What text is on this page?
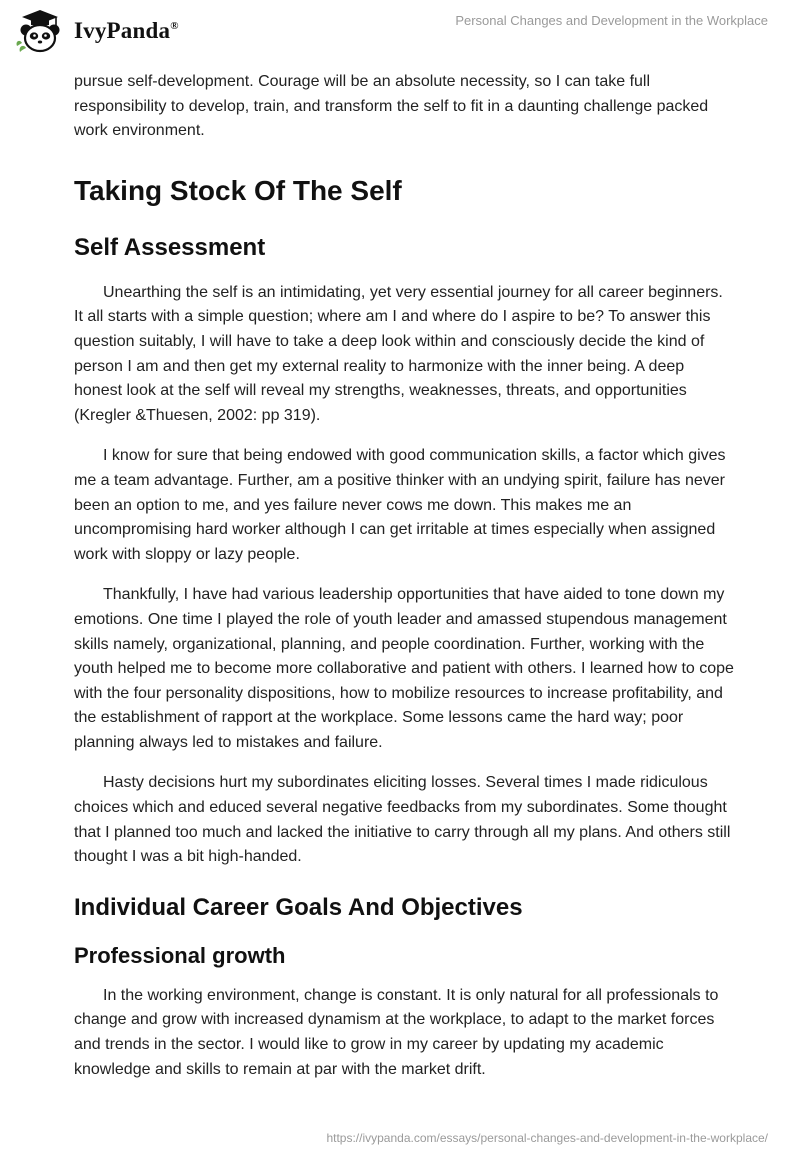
IvyPanda®	Personal Changes and Development in the Workplace

pursue self-development. Courage will be an absolute necessity, so I can take full responsibility to develop, train, and transform the self to fit in a daunting challenge packed work environment.

Taking Stock Of The Self
Self Assessment

Unearthing the self is an intimidating, yet very essential journey for all career beginners. It all starts with a simple question; where am I and where do I aspire to be? To answer this question suitably, I will have to take a deep look within and consciously decide the kind of person I am and then get my external reality to harmonize with the inner being. A deep honest look at the self will reveal my strengths, weaknesses, threats, and opportunities (Kregler &Thuesen, 2002: pp 319).

I know for sure that being endowed with good communication skills, a factor which gives me a team advantage. Further, am a positive thinker with an undying spirit, failure has never been an option to me, and yes failure never cows me down. This makes me an uncompromising hard worker although I can get irritable at times especially when assigned work with sloppy or lazy people.

Thankfully, I have had various leadership opportunities that have aided to tone down my emotions. One time I played the role of youth leader and amassed stupendous management skills namely, organizational, planning, and people coordination. Further, working with the youth helped me to become more collaborative and patient with others. I learned how to cope with the four personality dispositions, how to mobilize resources to increase profitability, and the establishment of rapport at the workplace. Some lessons came the hard way; poor planning always led to mistakes and failure.

Hasty decisions hurt my subordinates eliciting losses. Several times I made ridiculous choices which and educed several negative feedbacks from my subordinates. Some thought that I planned too much and lacked the initiative to carry through all my plans. And others still thought I was a bit high-handed.

Individual Career Goals And Objectives
Professional growth

In the working environment, change is constant. It is only natural for all professionals to change and grow with increased dynamism at the workplace, to adapt to the market forces and trends in the sector. I would like to grow in my career by updating my academic knowledge and skills to remain at par with the market drift.

https://ivypanda.com/essays/personal-changes-and-development-in-the-workplace/
